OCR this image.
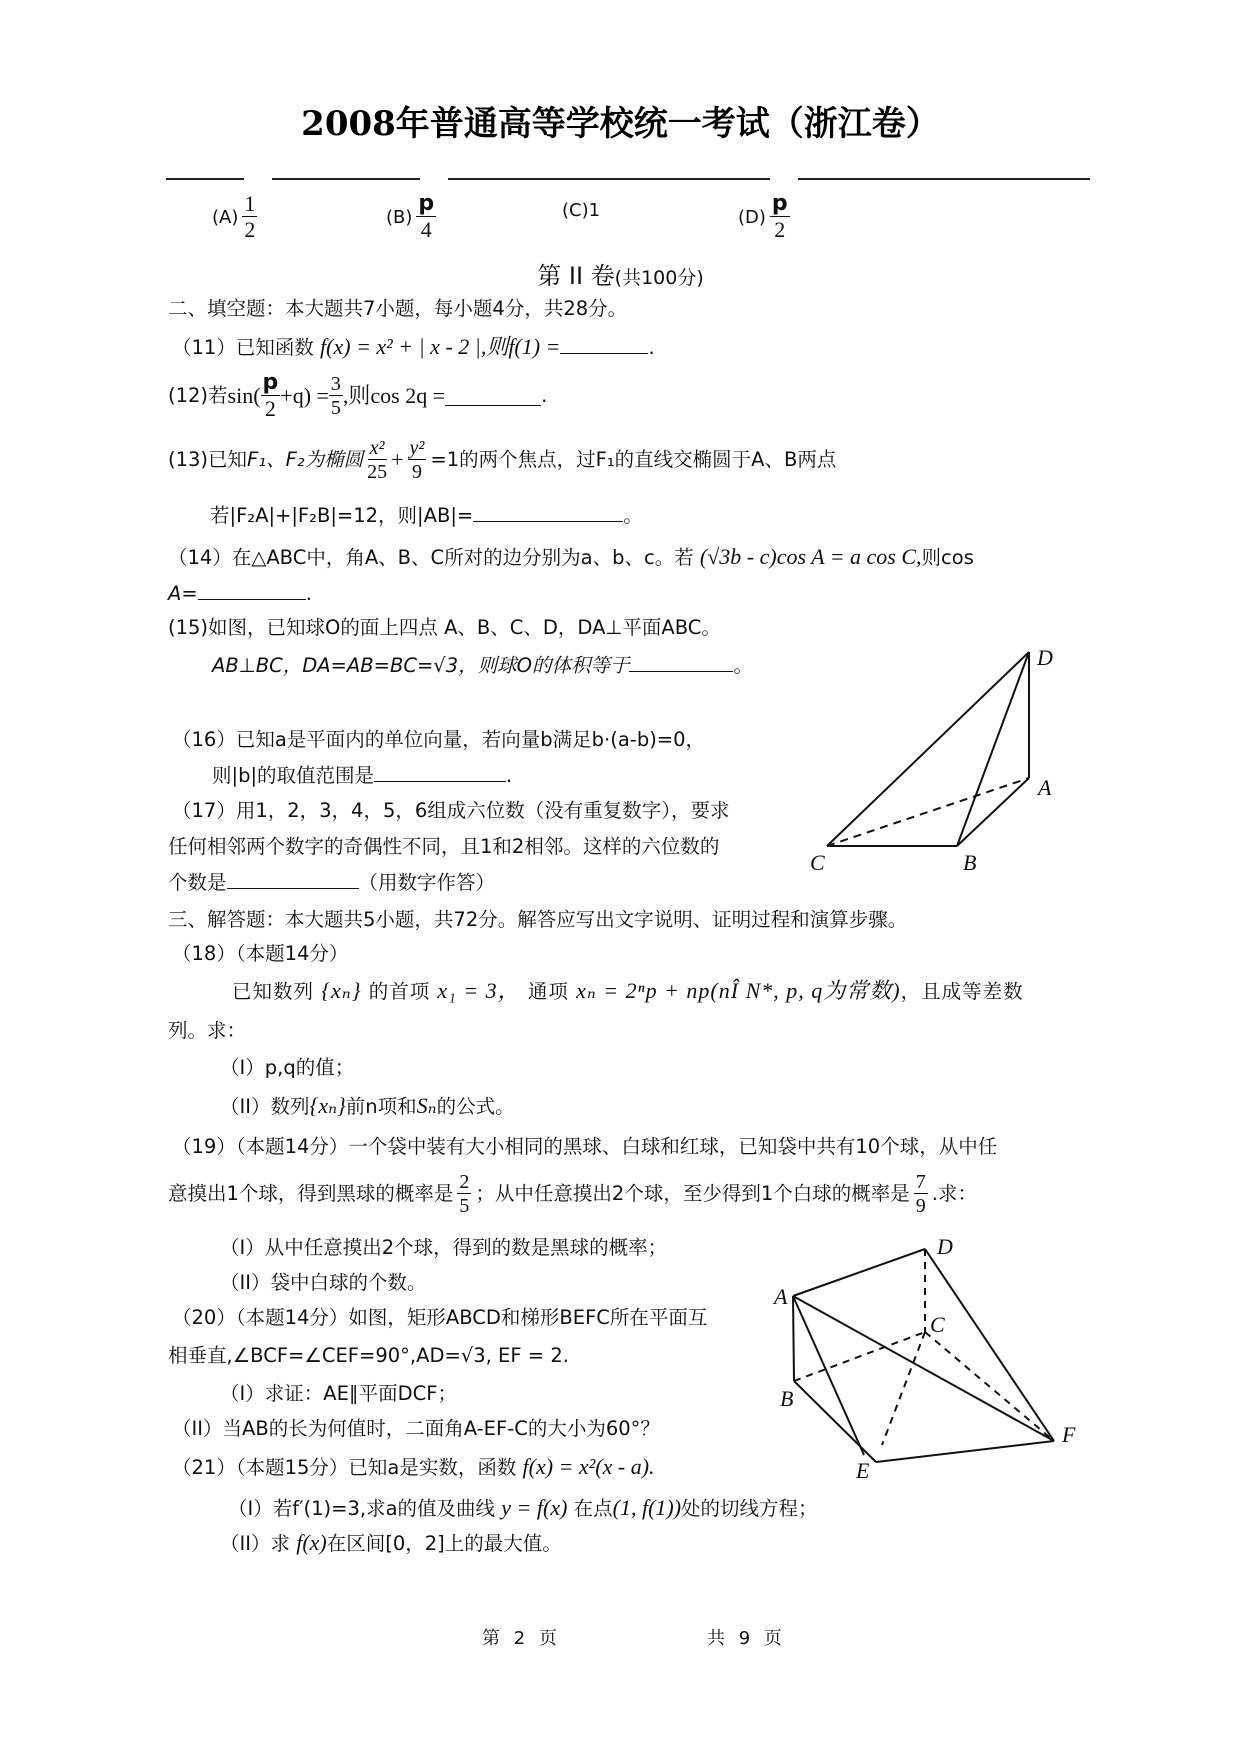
2008年普通高等学校统一考试（浙江卷）
$(A) \frac{1}{2}$	$(B) \frac{p}{4}$	(C)1	$(D) \frac{p}{2}$
第 II 卷(共100分)
二、填空题：本大题共7小题，每小题4分，共28分。
（11）已知函数 f(x) = x² + | x - 2 |,则f(1) =	.
(12)若 $\sin( \frac{p}{2} +q) = \frac{3}{5}$ ,则cos 2q =	.
(13)已知 F₁、F₂为椭圆 $\frac{\text{x²}}{25} + \frac{\text{y²}}{9} =1$的两个焦点，过F₁的直线交椭圆于A、B两点
若|F₂A|+|F₂B|=12，则|AB|=	。
（14）在△ABC中，角A、B、C所对的边分别为a、b、c。若 (√3b - c)cos A = a cos C,则cos
A=	.
(15)如图，已知球O的面上四点 A、B、C、D，DA⊥平面ABC。
AB⊥BC，DA=AB=BC=√3，则球O的体积等于	。
（16）已知a是平面内的单位向量，若向量b满足b·(a-b)=0，
则|b|的取值范围是	.
（17）用1，2，3，4，5，6组成六位数（没有重复数字），要求
任何相邻两个数字的奇偶性不同，且1和2相邻。这样的六位数的
个数是	（用数字作答）
D
A
B
C
三、解答题：本大题共5小题，共72分。解答应写出文字说明、证明过程和演算步骤。
（18）（本题14分）
已知数列 {xₙ} 的首项 x₁ = 3， 通项 xₙ = 2ⁿp + np(nÎ N*, p, q为常数)，且成等差数
列。求：
（I）p,q的值；
（II）数列{xₙ}前n项和Sₙ的公式。
（19）（本题14分）一个袋中装有大小相同的黑球、白球和红球，已知袋中共有10个球，从中任
意摸出1个球，得到黑球的概率是 $\frac{2}{5}$ ；从中任意摸出2个球，至少得到1个白球的概率是 $\frac{7}{9}$ .求：
（I）从中任意摸出2个球，得到的数是黑球的概率；
（II）袋中白球的个数。
（20）（本题14分）如图，矩形ABCD和梯形BEFC所在平面互
相垂直,∠BCF=∠CEF=90°,AD=√3, EF = 2.
（I）求证：AE∥平面DCF；
（II）当AB的长为何值时，二面角A-EF-C的大小为60°？
A
B
C
D
E
F
（21）（本题15分）已知a是实数，函数 f(x) = x²(x - a).
（I）若f′(1)=3,求a的值及曲线 y = f(x) 在点(1, f(1))处的切线方程；
（II）求 f(x)在区间[0，2]上的最大值。
第 2 页	共 9 页
